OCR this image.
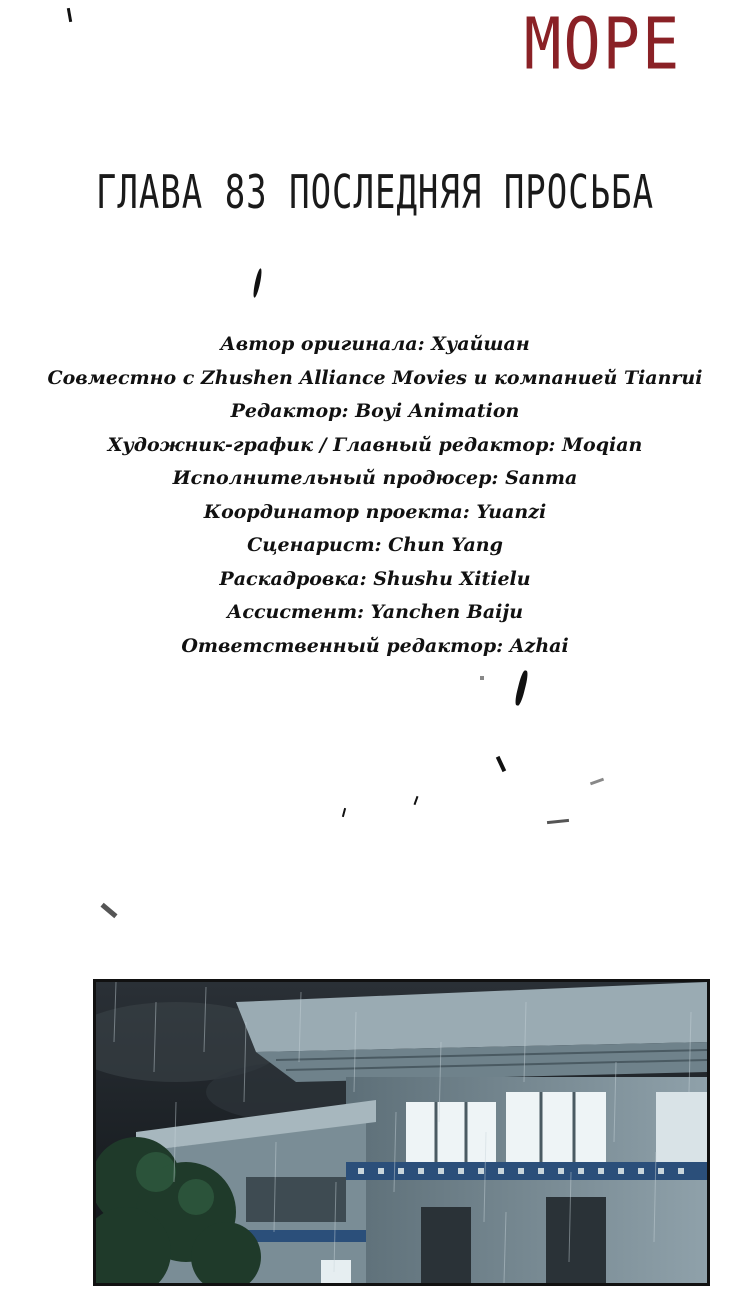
МОРЕ
ГЛАВА 83 ПОСЛЕДНЯЯ ПРОСЬБА
Автор оригинала: Хуайшан
Совместно с Zhushen Alliance Movies и компанией Tianrui
Редактор: Boyi Animation
Художник-график / Главный редактор: Moqian
Исполнительный продюсер: Sanma
Координатор проекта: Yuanzi
Сценарист: Chun Yang
Раскадровка: Shushu Xitielu
Ассистент: Yanchen Baiju
Ответственный редактор: Azhai
